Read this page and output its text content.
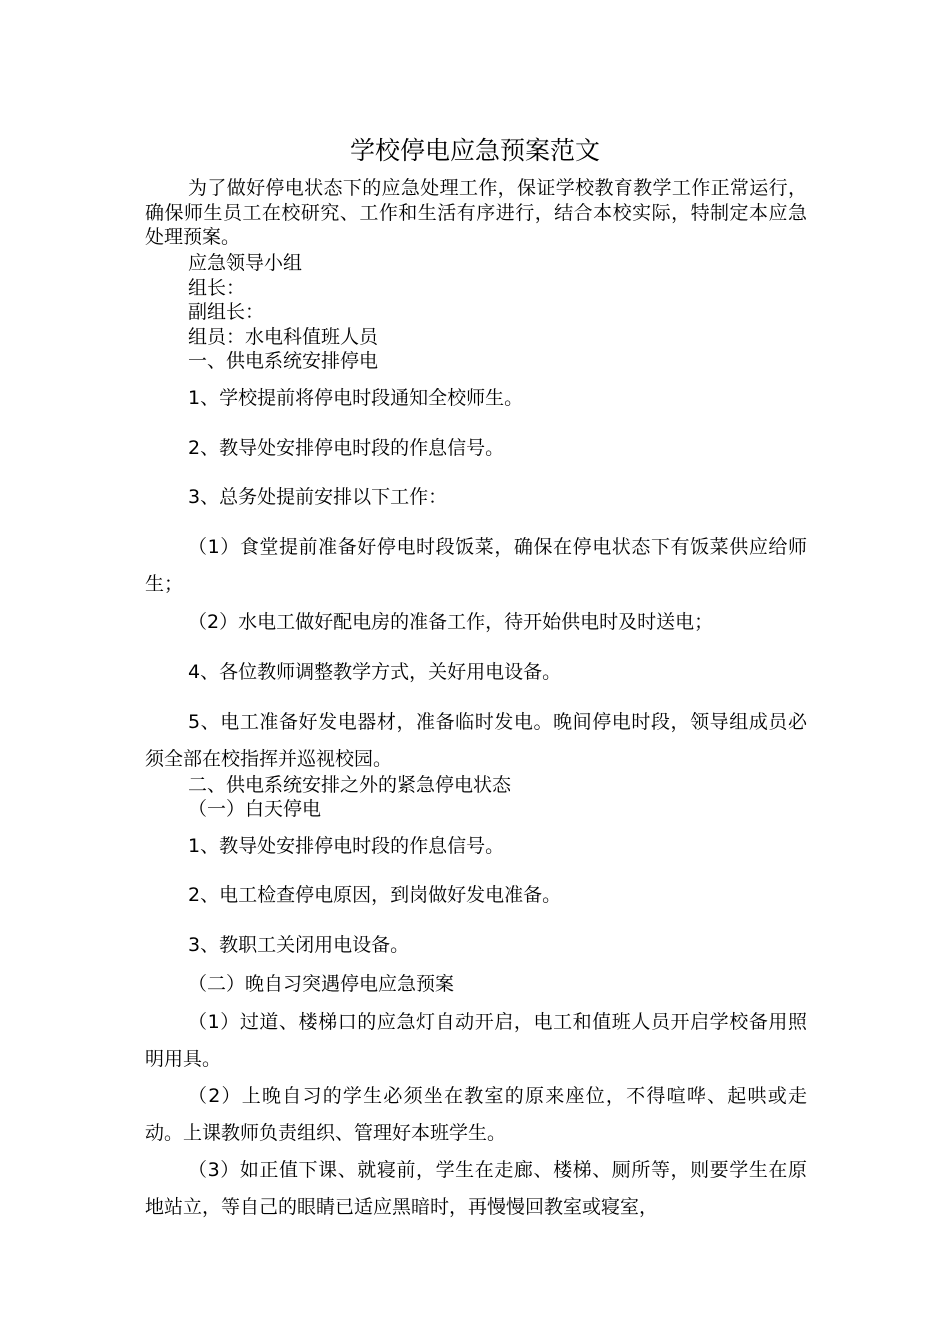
学校停电应急预案范文
为了做好停电状态下的应急处理工作，保证学校教育教学工作正常运行，确保师生员工在校研究、工作和生活有序进行，结合本校实际，特制定本应急处理预案。
应急领导小组
组长：
副组长：
组员：水电科值班人员
一、供电系统安排停电
1、学校提前将停电时段通知全校师生。
2、教导处安排停电时段的作息信号。
3、总务处提前安排以下工作：
（1）食堂提前准备好停电时段饭菜，确保在停电状态下有饭菜供应给师生；
（2）水电工做好配电房的准备工作，待开始供电时及时送电；
4、各位教师调整教学方式，关好用电设备。
5、电工准备好发电器材，准备临时发电。晚间停电时段，领导组成员必须全部在校指挥并巡视校园。
二、供电系统安排之外的紧急停电状态
（一）白天停电
1、教导处安排停电时段的作息信号。
2、电工检查停电原因，到岗做好发电准备。
3、教职工关闭用电设备。
（二）晚自习突遇停电应急预案
（1）过道、楼梯口的应急灯自动开启，电工和值班人员开启学校备用照明用具。
（2）上晚自习的学生必须坐在教室的原来座位，不得喧哗、起哄或走动。上课教师负责组织、管理好本班学生。
（3）如正值下课、就寝前，学生在走廊、楼梯、厕所等，则要学生在原地站立，等自己的眼睛已适应黑暗时，再慢慢回教室或寝室，
